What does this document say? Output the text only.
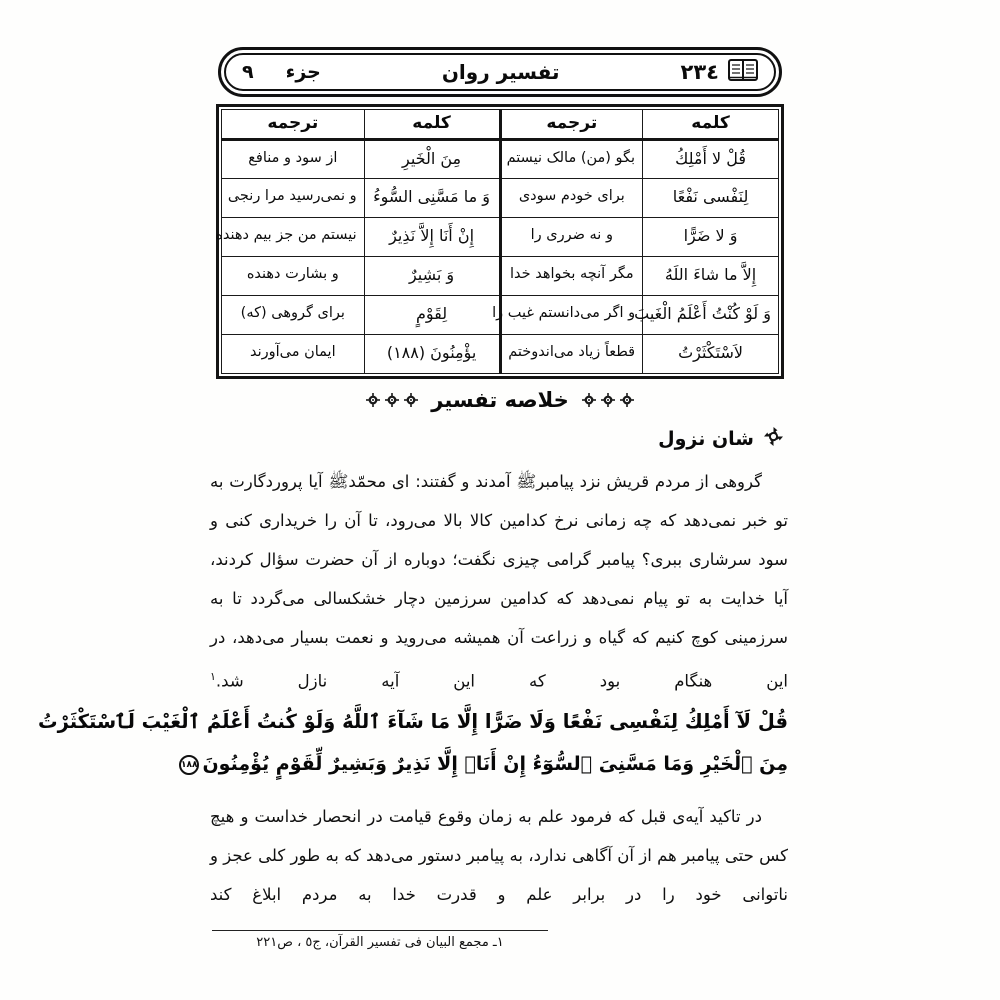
٢٣٤
تفسیر روان
جزء
٩
کلمه	ترجمه	کلمه	ترجمه
قُلْ لا أَمْلِكُ	بگو (من) مالک نیستم	مِنَ الْخَيرِ	از سود و منافع
لِنَفْسى نَفْعًا	برای خودم سودی	وَ ما مَسَّنِى السُّوءُ	و نمی‌رسید مرا رنجی
وَ لا ضَرًّا	و نه ضرری را	إِنْ أَنَا إِلاَّ نَذِيرٌ	نیستم من جز بیم دهنده
إِلاَّ ما شاءَ اللَهُ	مگر آنچه بخواهد خدا	وَ بَشِيرٌ	و بشارت دهنده
وَ لَوْ كُنْتُ أَعْلَمُ الْغَيبَ	و اگر می‌دانستم غیب را	لِقَوْمٍ	برای گروهی (که)
لاَسْتَكْثَرْتُ	قطعاً زیاد می‌اندوختم	يؤْمِنُونَ (١٨٨)	ایمان می‌آورند
خلاصه تفسیر
شان نزول
گروهی از مردم قریش نزد پیامبرﷺ آمدند و گفتند: ای محمّدﷺ آیا پروردگارت به تو خبر نمی‌دهد که چه زمانی نرخ کدامین کالا بالا می‌رود، تا آن را خریداری کنی و سود سرشاری ببری؟ پیامبر گرامی چیزی نگفت؛ دوباره از آن حضرت سؤال کردند، آیا خدایت به تو پیام نمی‌دهد که کدامین سرزمین دچار خشکسالی می‌گردد تا به سرزمینی کوچ کنیم که گیاه و زراعت آن همیشه می‌روید و نعمت بسیار می‌دهد، در این هنگام بود که این آیه نازل شد.$^١$
قُلْ لَآ أَمْلِكُ لِنَفْسِى نَفْعًا وَلَا ضَرًّا إِلَّا مَا شَآءَ ٱللَّهُ وَلَوْ كُنتُ أَعْلَمُ ٱلْغَيْبَ لَٱسْتَكْثَرْتُ
مِنَ ٱلْخَيْرِ وَمَا مَسَّنِىَ ٱلسُّوٓءُ إِنْ أَنَا۠ إِلَّا نَذِيرٌ وَبَشِيرٌ لِّقَوْمٍ يُؤْمِنُونَ١٨٨
در تاکید آیه‌ی قبل که فرمود علم به زمان وقوع قیامت در انحصار خداست و هیچ کس حتی پیامبر هم از آن آگاهی ندارد، به پیامبر دستور می‌دهد که به طور کلی عجز و ناتوانی خود را در برابر علم و قدرت خدا به مردم ابلاغ کند
١ـ مجمع البیان فی تفسیر القرآن، ج٥ ، ص٢٢١
